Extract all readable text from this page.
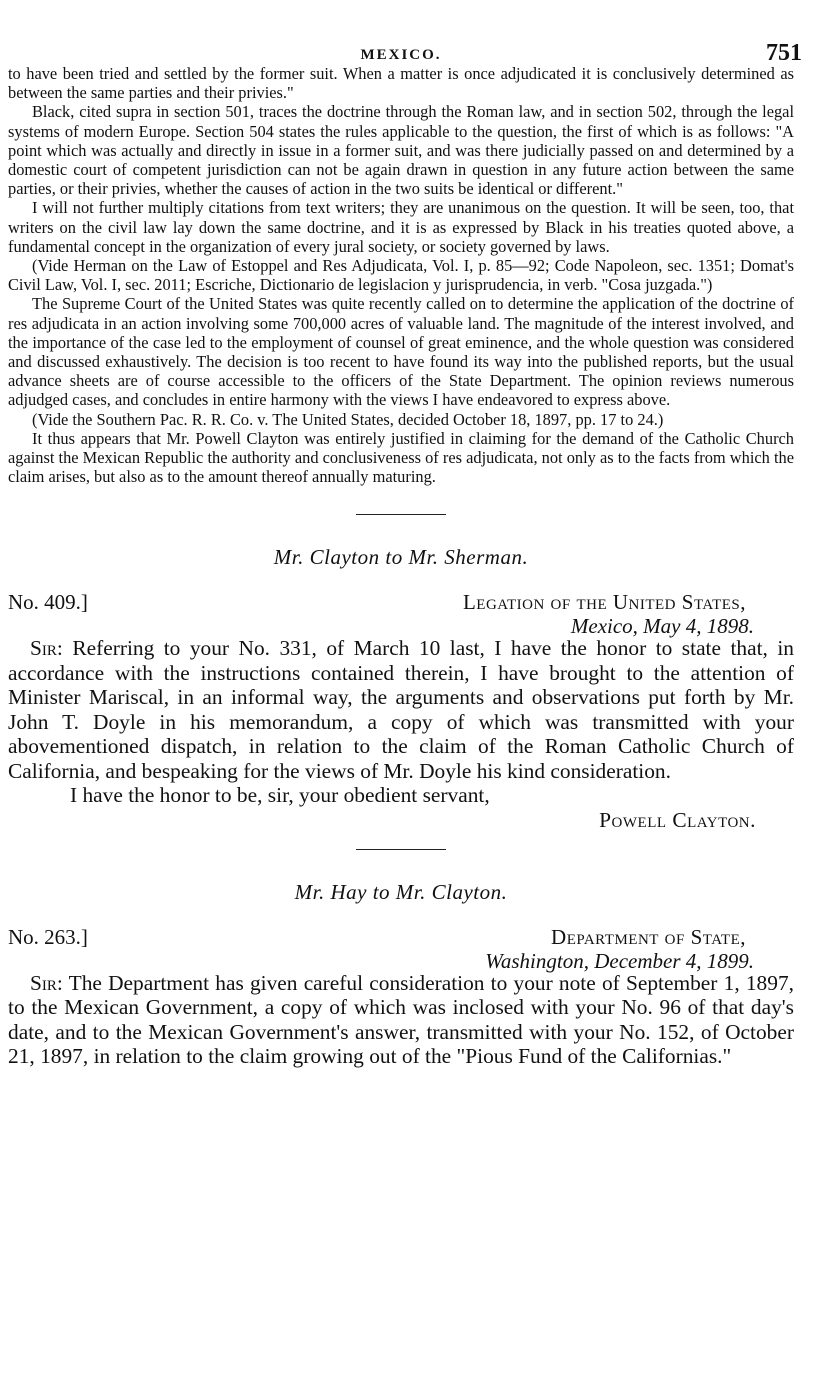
MEXICO.	751

to have been tried and settled by the former suit. When a matter is once adjudicated it is conclusively determined as between the same parties and their privies."

Black, cited supra in section 501, traces the doctrine through the Roman law, and in section 502, through the legal systems of modern Europe. Section 504 states the rules applicable to the question, the first of which is as follows: "A point which was actually and directly in issue in a former suit, and was there judicially passed on and determined by a domestic court of competent jurisdiction can not be again drawn in question in any future action between the same parties, or their privies, whether the causes of action in the two suits be identical or different."

I will not further multiply citations from text writers; they are unanimous on the question. It will be seen, too, that writers on the civil law lay down the same doctrine, and it is as expressed by Black in his treaties quoted above, a fundamental concept in the organization of every jural society, or society governed by laws.

(Vide Herman on the Law of Estoppel and Res Adjudicata, Vol. I, p. 85—92; Code Napoleon, sec. 1351; Domat's Civil Law, Vol. I, sec. 2011; Escriche, Dictionario de legislacion y jurisprudencia, in verb. "Cosa juzgada.")

The Supreme Court of the United States was quite recently called on to determine the application of the doctrine of res adjudicata in an action involving some 700,000 acres of valuable land. The magnitude of the interest involved, and the importance of the case led to the employment of counsel of great eminence, and the whole question was considered and discussed exhaustively. The decision is too recent to have found its way into the published reports, but the usual advance sheets are of course accessible to the officers of the State Department. The opinion reviews numerous adjudged cases, and concludes in entire harmony with the views I have endeavored to express above.

(Vide the Southern Pac. R. R. Co. v. The United States, decided October 18, 1897, pp. 17 to 24.)

It thus appears that Mr. Powell Clayton was entirely justified in claiming for the demand of the Catholic Church against the Mexican Republic the authority and conclusiveness of res adjudicata, not only as to the facts from which the claim arises, but also as to the amount thereof annually maturing.

Mr. Clayton to Mr. Sherman.
No. 409.]	Legation of the United States,
Mexico, May 4, 1898.

Sir: Referring to your No. 331, of March 10 last, I have the honor to state that, in accordance with the instructions contained therein, I have brought to the attention of Minister Mariscal, in an informal way, the arguments and observations put forth by Mr. John T. Doyle in his memorandum, a copy of which was transmitted with your abovementioned dispatch, in relation to the claim of the Roman Catholic Church of California, and bespeaking for the views of Mr. Doyle his kind consideration.

I have the honor to be, sir, your obedient servant,
Powell Clayton.
Mr. Hay to Mr. Clayton.
No. 263.]	Department of State,
Washington, December 4, 1899.

Sir: The Department has given careful consideration to your note of September 1, 1897, to the Mexican Government, a copy of which was inclosed with your No. 96 of that day's date, and to the Mexican Government's answer, transmitted with your No. 152, of October 21, 1897, in relation to the claim growing out of the "Pious Fund of the Californias."
